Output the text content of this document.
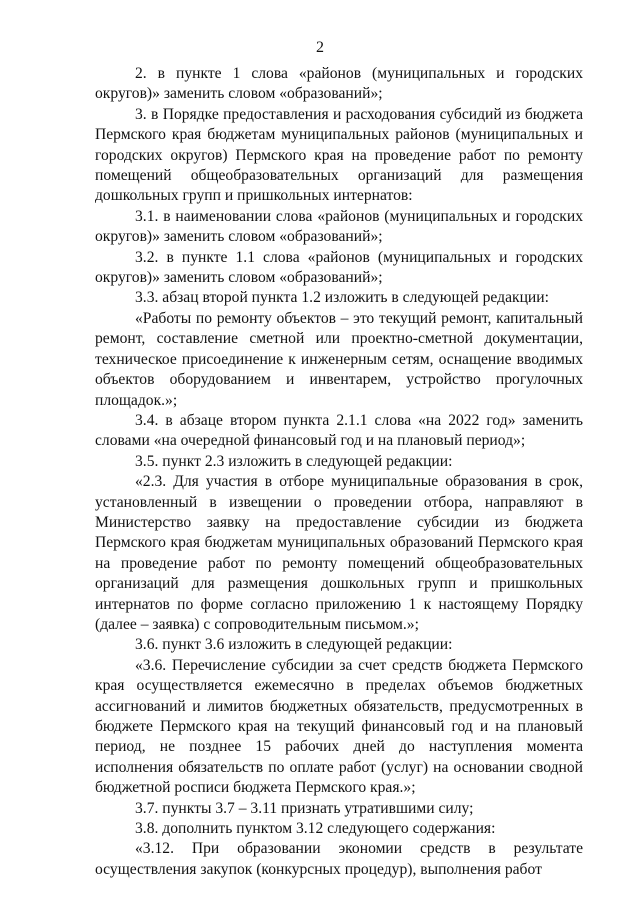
2

2. в пункте 1 слова «районов (муниципальных и городских округов)» заменить словом «образований»;

3. в Порядке предоставления и расходования субсидий из бюджета Пермского края бюджетам муниципальных районов (муниципальных и городских округов) Пермского края на проведение работ по ремонту помещений общеобразовательных организаций для размещения дошкольных групп и пришкольных интернатов:

3.1. в наименовании слова «районов (муниципальных и городских округов)» заменить словом «образований»;

3.2. в пункте 1.1 слова «районов (муниципальных и городских округов)» заменить словом «образований»;

3.3. абзац второй пункта 1.2 изложить в следующей редакции:

«Работы по ремонту объектов – это текущий ремонт, капитальный ремонт, составление сметной или проектно-сметной документации, техническое присоединение к инженерным сетям, оснащение вводимых объектов оборудованием и инвентарем, устройство прогулочных площадок.»;

3.4. в абзаце втором пункта 2.1.1 слова «на 2022 год» заменить словами «на очередной финансовый год и на плановый период»;

3.5. пункт 2.3 изложить в следующей редакции:

«2.3. Для участия в отборе муниципальные образования в срок, установленный в извещении о проведении отбора, направляют в Министерство заявку на предоставление субсидии из бюджета Пермского края бюджетам муниципальных образований Пермского края на проведение работ по ремонту помещений общеобразовательных организаций для размещения дошкольных групп и пришкольных интернатов по форме согласно приложению 1 к настоящему Порядку (далее – заявка) с сопроводительным письмом.»;

3.6. пункт 3.6 изложить в следующей редакции:

«3.6. Перечисление субсидии за счет средств бюджета Пермского края осуществляется ежемесячно в пределах объемов бюджетных ассигнований и лимитов бюджетных обязательств, предусмотренных в бюджете Пермского края на текущий финансовый год и на плановый период, не позднее 15 рабочих дней до наступления момента исполнения обязательств по оплате работ (услуг) на основании сводной бюджетной росписи бюджета Пермского края.»;

3.7. пункты 3.7 – 3.11 признать утратившими силу;

3.8. дополнить пунктом 3.12 следующего содержания:

«3.12. При образовании экономии средств в результате осуществления закупок (конкурсных процедур), выполнения работ
